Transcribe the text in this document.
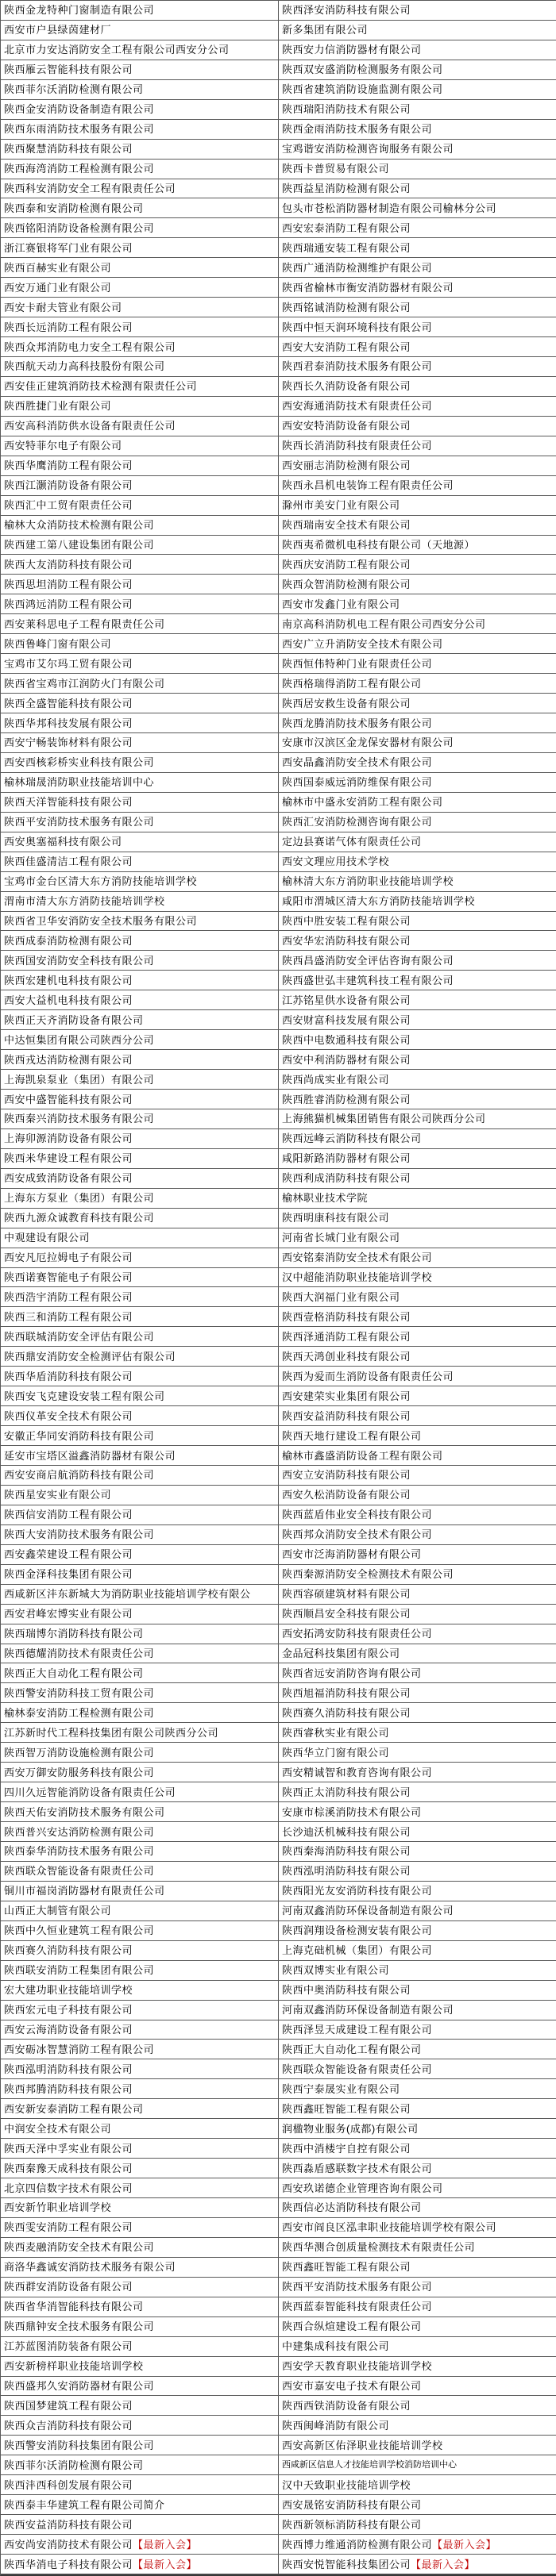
陕西金龙特种门窗制造有限公司	陕西泽安消防科技有限公司
西安市户县绿茵建材厂	新多集团有限公司
北京市力安达消防安全工程有限公司西安分公司	陕西安力信消防器材有限公司
陕西雁云智能科技有限公司	陕西双安盛消防检测服务有限公司
陕西菲尔沃消防检测有限公司	陕西省建筑消防设施监测有限公司
陕西金安消防设备制造有限公司	陕西瑞阳消防技术有限公司
陕西东雨消防技术服务有限公司	陕西金雨消防技术服务有限公司
陕西聚慧消防科技有限公司	宝鸡谐安消防检测咨询服务有限公司
陕西海湾消防工程检测有限公司	陕西卡普贸易有限公司
陕西科安消防安全工程有限责任公司	陕西益星消防检测有限公司
陕西泰和安消防检测有限公司	包头市苍松消防器材制造有限公司榆林分公司
陕西铭阳消防设备检测有限公司	西安宏泰消防工程有限公司
浙江赛银将军门业有限公司	陕西瑞通安装工程有限公司
陕西百赫实业有限公司	陕西广通消防检测维护有限公司
西安万通门业有限公司	陕西省榆林市衡安消防器材有限公司
西安卡耐夫管业有限公司	陕西铭诚消防检测有限公司
陕西长远消防工程有限公司	陕西中恒天润环境科技有限公司
陕西众邦消防电力安全工程有限公司	西安大安消防工程有限公司
陕西航天动力高科技股份有限公司	陕西君泰消防技术服务有限公司
西安佳正建筑消防技术检测有限责任公司	陕西长久消防设备有限公司
陕西胜捷门业有限公司	西安海通消防技术有限责任公司
西安高科消防供水设备有限责任公司	西安安特消防设备有限公司
西安特菲尔电子有限公司	陕西长消消防科技有限责任公司
陕西华鹰消防工程有限公司	西安丽志消防检测有限公司
陕西江灏消防设备有限公司	陕西永昌机电装饰工程有限责任公司
陕西汇中工贸有限责任公司	滁州市美安门业有限公司
榆林大众消防技术检测有限公司	陕西瑞南安全技术有限公司
陕西建工第八建设集团有限公司	陕西夷希微机电科技有限公司（天地源）
陕西大友消防科技有限公司	陕西庆安消防工程有限公司
陕西思坦消防工程有限公司	陕西众智消防检测有限公司
陕西鸿远消防工程有限公司	西安市发鑫门业有限公司
西安莱科思电子工程有限责任公司	南京高科消防机电工程有限公司西安分公司
陕西鲁峰门窗有限公司	西安广立升消防安全技术有限公司
宝鸡市艾尔玛工贸有限公司	陕西恒伟特种门业有限责任公司
陕西省宝鸡市江润防火门有限公司	陕西格瑞得消防工程有限公司
陕西全盛智能科技有限公司	陕西居安救生设备有限公司
陕西华邦科技发展有限公司	陕西龙腾消防技术服务有限公司
西安宁畅装饰材料有限公司	安康市汉滨区金龙保安器材有限公司
西安西核彩桥实业科技有限公司	西安晶鑫消防安全技术有限公司
榆林瑞晟消防职业技能培训中心	陕西国泰威远消防维保有限公司
陕西天洋智能科技有限公司	榆林市中盛永安消防工程有限公司
陕西平安消防技术服务有限公司	陕西汇安消防检测咨询有限公司
西安奥塞福科技有限公司	定边县赛诺气体有限责任公司
陕西佳盛清洁工程有限公司	西安文理应用技术学校
宝鸡市金台区清大东方消防技能培训学校	榆林清大东方消防职业技能培训学校
渭南市清大东方消防技能培训学校	咸阳市渭城区清大东方消防技能培训学校
陕西省卫华安消防安全技术服务有限公司	陕西中胜安装工程有限公司
陕西成泰消防检测有限公司	西安华宏消防科技有限公司
陕西国安消防安全科技有限公司	陕西昌盛消防安全评估咨询有限公司
陕西宏建机电科技有限公司	陕西盛世弘丰建筑科技工程有限公司
西安大益机电科技有限公司	江苏铭星供水设备有限公司
陕西正天齐消防设备有限公司	西安财富科技发展有限公司
中达恒集团有限公司陕西分公司	陕西中电数通科技有限公司
陕西戎达消防检测有限公司	西安中利消防器材有限公司
上海凯泉泵业（集团）有限公司	陕西尚成实业有限公司
西安中盛智能科技有限公司	陕西胜睿消防检测有限公司
陕西秦兴消防技术服务有限公司	上海熊猫机械集团销售有限公司陕西分公司
上海卯源消防设备有限公司	陕西远峰云消防科技有限公司
陕西米华建设工程有限公司	咸阳新路消防器材有限公司
西安成致消防设备有限公司	陕西利成消防科技有限公司
上海东方泵业（集团）有限公司	榆林职业技术学院
陕西九源众诚教育科技有限公司	陕西明康科技有限公司
中观建设有限公司	河南省长城门业有限公司
西安凡厄拉姆电子有限公司	西安铭秦消防安全技术有限公司
陕西诺赛智能电子有限公司	汉中超能消防职业技能培训学校
陕西浩宇消防工程有限公司	陕西大润福门业有限公司
陕西三和消防工程有限公司	陕西壹格消防科技有限公司
陕西联城消防安全评估有限公司	陕西泽通消防工程有限公司
陕西鼎安消防安全检测评估有限公司	陕西天鸿创业科技有限公司
陕西华盾消防科技有限公司	陕西为爱而生消防设备有限责任公司
陕西安飞克建设安装工程有限公司	西安建荣实业集团有限公司
陕西仪革安全技术有限公司	陕西安益消防科技有限公司
安徽正华同安消防科技有限公司	陕西天地行建设工程有限公司
延安市宝塔区溢鑫消防器材有限公司	榆林市鑫盛消防设备工程有限公司
西安安商启航消防科技有限公司	西安立安消防科技有限公司
陕西星安实业有限公司	西安久松消防设备有限公司
陕西信安消防工程有限公司	陕西蓝盾伟业安全科技有限公司
陕西大安消防技术服务有限公司	陕西邦众消防安全技术有限公司
西安鑫荣建设工程有限公司	西安市泛海消防器材有限公司
陕西金泽科技集团有限公司	陕西秦源消防安全检测技术有限公司
西咸新区沣东新城大为消防职业技能培训学校有限公	陕西容硕建筑材料有限公司
西安君峰宏博实业有限公司	陕西顺昌安全科技有限公司
陕西瑞博尔消防科技有限公司	西安拓鸿安防科技有限责任公司
陕西德耀消防技术有限责任公司	金品冠科技集团有限公司
陕西正大自动化工程有限公司	陕西省远安消防咨询有限公司
陕西警安消防科技工贸有限公司	陕西旭福消防科技有限公司
榆林泰安消防工程检测有限公司	陕西赛久消防科技有限公司
江苏新时代工程科技集团有限公司陕西分公司	陕西睿秋实业有限公司
陕西智万消防设施检测有限公司	陕西华立门窗有限公司
西安万御安防服务科技有限公司	西安精诚智和教育咨询有限公司
四川久远智能消防设备有限责任公司	陕西正太消防科技有限公司
陕西天佑安消防技术服务有限公司	安康市棕溪消防技术有限公司
陕西普兴安达消防检测有限公司	长沙迪沃机械科技有限公司
陕西泰华消防技术服务有限公司	陕西秦海消防科技有限公司
陕西联众智能设备有限责任公司	陕西泓明消防科技有限公司
铜川市福岗消防器材有限责任公司	陕西阳光友安消防科技有限公司
山西正大制管有限公司	河南双鑫消防环保设备制造有限公司
陕西中久恒业建筑工程有限公司	陕西润翔设备检测安装有限公司
陕西赛久消防科技有限公司	上海克础机械（集团）有限公司
陕西联安消防工程集团有限公司	陕西双博实业有限公司
宏大建功职业技能培训学校	陕西中奥消防科技有限公司
陕西宏元电子科技有限公司	河南双鑫消防环保设备制造有限公司
西安云海消防设备有限公司	陕西泽昱天成建设工程有限公司
西安砺冰智慧消防工程有限公司	陕西正大自动化工程有限公司
陕西泓明消防科技有限公司	陕西联众智能设备有限责任公司
陕西邦腾消防科技有限公司	陕西宁泰晟实业有限公司
西安新安泰消防工程有限公司	陕西鑫旺智能工程有限公司
中润安全技术有限公司	润楹物业服务(成都)有限公司
陕西天泽中孚实业有限公司	陕西中消楼宇自控有限公司
陕西秦豫天成科技有限公司	陕西淼盾感联数字技术有限公司
北京四信数字技术有限公司	西安玖诺德企业管理咨询有限公司
西安新竹职业培训学校	陕西信必达消防科技有限公司
陕西雯安消防工程有限公司	西安市阎良区泓聿职业技能培训学校有限公司
陕西麦融消防安全技术有限公司	陕西华测合创质量检测技术有限责任公司
商洛华鑫诚安消防技术服务有限公司	陕西鑫旺智能工程有限公司
陕西群安消防设备有限公司	陕西平安消防技术服务有限公司
陕西省华消智能科技有限公司	陕西蓝泰智能科技有限责任公司
陕西鼎钟安全技术服务有限公司	陕西合纵煊建设工程有限公司
江苏蓝图消防装备有限公司	中建集成科技有限公司
西安新榜样职业技能培训学校	西安学天教育职业技能培训学校
陕西盛邦久安消防器材有限公司	西安市嘉安电子技术有限公司
陕西国梦建筑工程有限公司	陕西西铁消防设备有限公司
陕西众吉消防科技有限公司	陕西闽峰消防有限公司
陕西警安消防科技集团有限公司	西安高新区佑泽职业技能培训学校
陕西菲尔沃消防检测有限公司	西咸新区信息人才技能培训学校消防培训中心
陕西沣西科创发展有限公司	汉中天致职业技能培训学校
陕西泰丰华建筑工程有限公司简介	西安晟铭安消防科技有限公司
陕西安益消防科技有限公司	陕西新领标消防科技有限公司
西安尚安消防技术有限公司 【最新入会】	陕西博力维通消防检测有限公司 【最新入会】
陕西华消电子科技有限公司 【最新入会】	陕西安悦智能科技集团公司 【最新入会】
